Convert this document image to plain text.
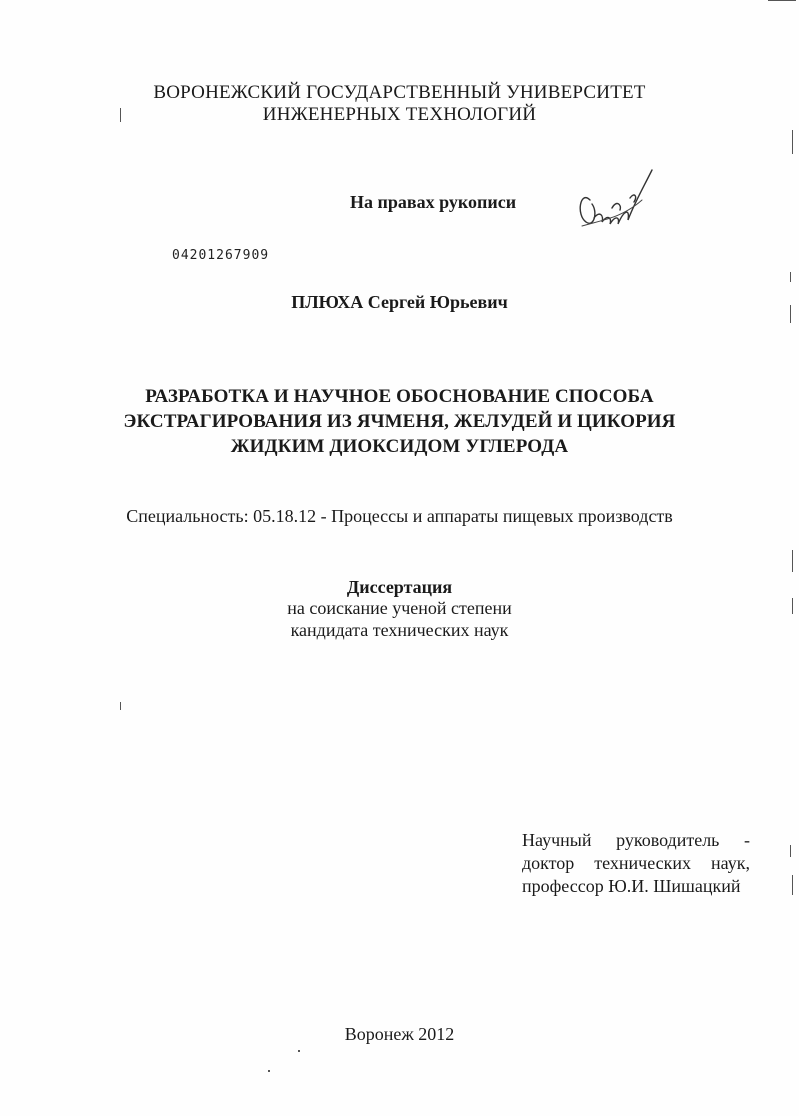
ВОРОНЕЖСКИЙ ГОСУДАРСТВЕННЫЙ УНИВЕРСИТЕТ
ИНЖЕНЕРНЫХ ТЕХНОЛОГИЙ
На правах рукописи
04201267909
ПЛЮХА Сергей Юрьевич
РАЗРАБОТКА И НАУЧНОЕ ОБОСНОВАНИЕ СПОСОБА
ЭКСТРАГИРОВАНИЯ ИЗ ЯЧМЕНЯ, ЖЕЛУДЕЙ И ЦИКОРИЯ
ЖИДКИМ ДИОКСИДОМ УГЛЕРОДА
Специальность: 05.18.12 - Процессы и аппараты пищевых производств
Диссертация
на соискание ученой степени
кандидата технических наук
Научный руководитель -
доктор технических наук,
профессор Ю.И. Шишацкий
Воронеж 2012
